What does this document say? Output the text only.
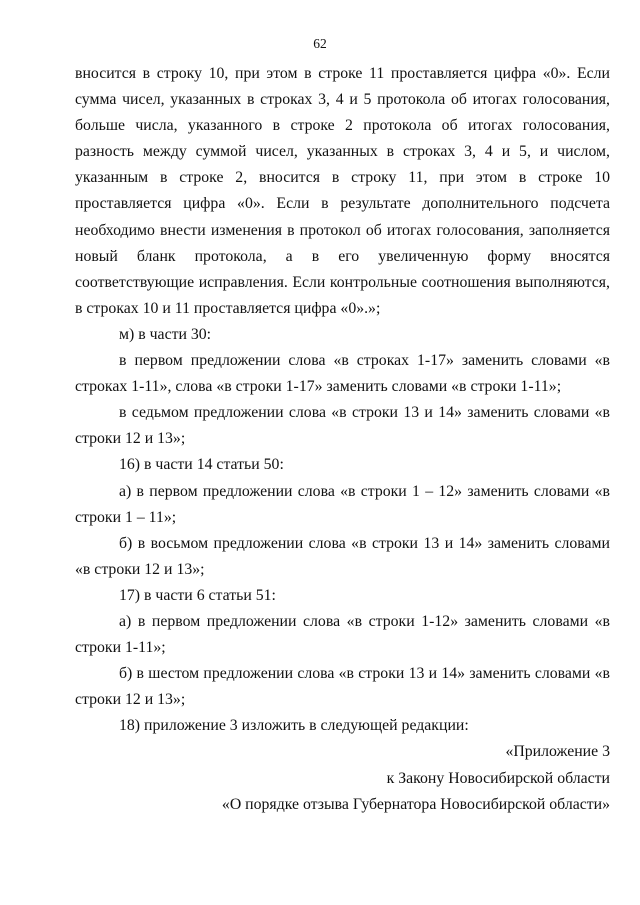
62

вносится в строку 10, при этом в строке 11 проставляется цифра «0». Если сумма чисел, указанных в строках 3, 4 и 5 протокола об итогах голосования, больше числа, указанного в строке 2 протокола об итогах голосования, разность между суммой чисел, указанных в строках 3, 4 и 5, и числом, указанным в строке 2, вносится в строку 11, при этом в строке 10 проставляется цифра «0». Если в результате дополнительного подсчета необходимо внести изменения в протокол об итогах голосования, заполняется новый бланк протокола, а в его увеличенную форму вносятся соответствующие исправления. Если контрольные соотношения выполняются, в строках 10 и 11 проставляется цифра «0».»;

м) в части 30:

в первом предложении слова «в строках 1-17» заменить словами «в строках 1-11», слова «в строки 1-17» заменить словами «в строки 1-11»;

в седьмом предложении слова «в строки 13 и 14» заменить словами «в строки 12 и 13»;

16) в части 14 статьи 50:

а) в первом предложении слова «в строки 1 – 12» заменить словами «в строки 1 – 11»;

б) в восьмом предложении слова «в строки 13 и 14» заменить словами «в строки 12 и 13»;

17) в части 6 статьи 51:

а) в первом предложении слова «в строки 1-12» заменить словами «в строки 1-11»;

б) в шестом предложении слова «в строки 13 и 14» заменить словами «в строки 12 и 13»;

18) приложение 3 изложить в следующей редакции:

«Приложение 3

к Закону Новосибирской области

«О порядке отзыва Губернатора Новосибирской области»
